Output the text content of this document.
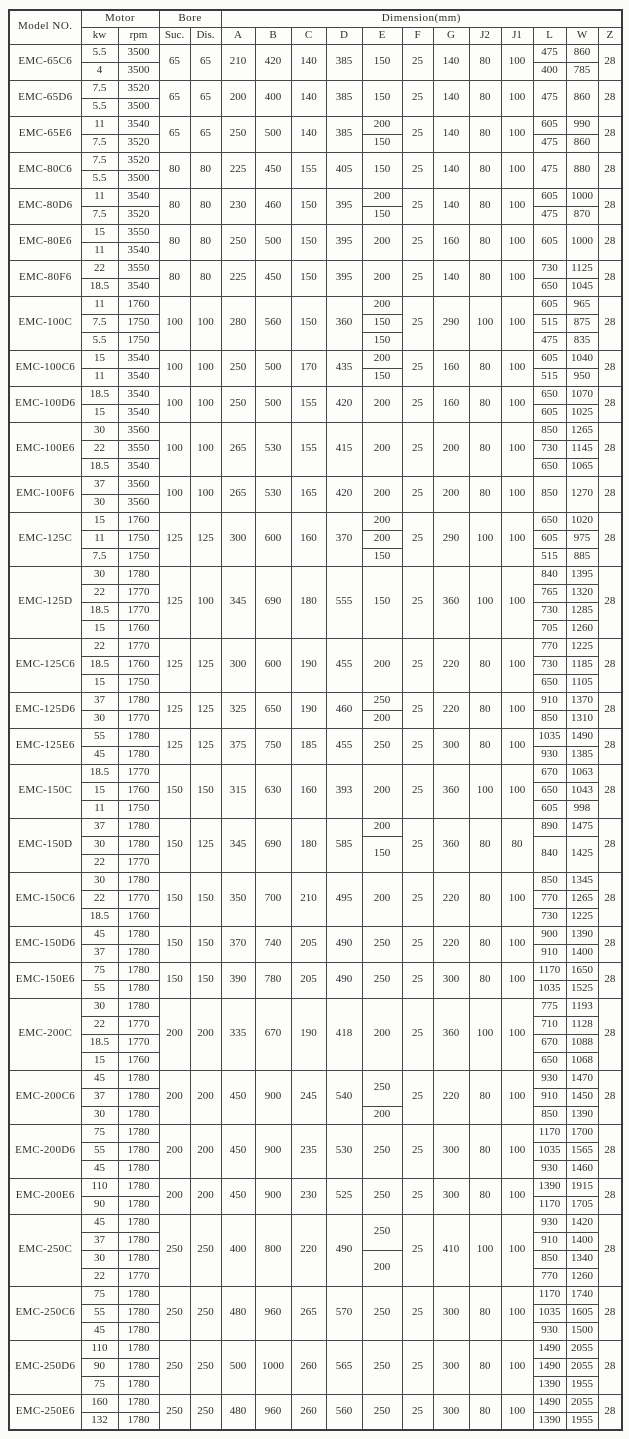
Model NO.	Motor		Bore		Dimension(mm)											
	kw	rpm	Suc.	Dis.	A	B	C	D	E	F	G	J2	J1	L	W	Z
EMC-65C6	5.5	3500	65	65	210	420	140	385	150	25	140	80	100	475	860	28
	4	3500												400	785	
EMC-65D6	7.5	3520	65	65	200	400	140	385	150	25	140	80	100	475	860	28
	5.5	3500														
EMC-65E6	11	3540	65	65	250	500	140	385	200	25	140	80	100	605	990	28
	7.5	3520							150					475	860	
EMC-80C6	7.5	3520	80	80	225	450	155	405	150	25	140	80	100	475	880	28
	5.5	3500														
EMC-80D6	11	3540	80	80	230	460	150	395	200	25	140	80	100	605	1000	28
	7.5	3520							150					475	870	
EMC-80E6	15	3550	80	80	250	500	150	395	200	25	160	80	100	605	1000	28
	11	3540														
EMC-80F6	22	3550	80	80	225	450	150	395	200	25	140	80	100	730	1125	28
	18.5	3540												650	1045	
EMC-100C	11	1760	100	100	280	560	150	360	200	25	290	100	100	605	965	28
	7.5	1750							150					515	875	
	5.5	1750							150					475	835	
EMC-100C6	15	3540	100	100	250	500	170	435	200	25	160	80	100	605	1040	28
	11	3540							150					515	950	
EMC-100D6	18.5	3540	100	100	250	500	155	420	200	25	160	80	100	650	1070	28
	15	3540												605	1025	
EMC-100E6	30	3560	100	100	265	530	155	415	200	25	200	80	100	850	1265	28
	22	3550												730	1145	
	18.5	3540												650	1065	
EMC-100F6	37	3560	100	100	265	530	165	420	200	25	200	80	100	850	1270	28
	30	3560														
EMC-125C	15	1760	125	125	300	600	160	370	200	25	290	100	100	650	1020	28
	11	1750							200					605	975	
	7.5	1750							150					515	885	
EMC-125D	30	1780	125	100	345	690	180	555	150	25	360	100	100	840	1395	28
	22	1770												765	1320	
	18.5	1770												730	1285	
	15	1760												705	1260	
EMC-125C6	22	1770	125	125	300	600	190	455	200	25	220	80	100	770	1225	28
	18.5	1760												730	1185	
	15	1750												650	1105	
EMC-125D6	37	1780	125	125	325	650	190	460	250	25	220	80	100	910	1370	28
	30	1770							200					850	1310	
EMC-125E6	55	1780	125	125	375	750	185	455	250	25	300	80	100	1035	1490	28
	45	1780												930	1385	
EMC-150C	18.5	1770	150	150	315	630	160	393	200	25	360	100	100	670	1063	28
	15	1760												650	1043	
	11	1750												605	998	
EMC-150D	37	1780	150	125	345	690	180	585	200	25	360	80	80	890	1475	28
	30	1780							150					840	1425	
	22	1770														
EMC-150C6	30	1780	150	150	350	700	210	495	200	25	220	80	100	850	1345	28
	22	1770												770	1265	
	18.5	1760												730	1225	
EMC-150D6	45	1780	150	150	370	740	205	490	250	25	220	80	100	900	1390	28
	37	1780												910	1400	
EMC-150E6	75	1780	150	150	390	780	205	490	250	25	300	80	100	1170	1650	28
	55	1780												1035	1525	
EMC-200C	30	1780	200	200	335	670	190	418	200	25	360	100	100	775	1193	28
	22	1770												710	1128	
	18.5	1770												670	1088	
	15	1760												650	1068	
EMC-200C6	45	1780	200	200	450	900	245	540	250	25	220	80	100	930	1470	28
	37	1780												910	1450	
	30	1780							200					850	1390	
EMC-200D6	75	1780	200	200	450	900	235	530	250	25	300	80	100	1170	1700	28
	55	1780												1035	1565	
	45	1780												930	1460	
EMC-200E6	110	1780	200	200	450	900	230	525	250	25	300	80	100	1390	1915	28
	90	1780												1170	1705	
EMC-250C	45	1780	250	250	400	800	220	490	250	25	410	100	100	930	1420	28
	37	1780												910	1400	
	30	1780							200					850	1340	
	22	1770												770	1260	
EMC-250C6	75	1780	250	250	480	960	265	570	250	25	300	80	100	1170	1740	28
	55	1780												1035	1605	
	45	1780												930	1500	
EMC-250D6	110	1780	250	250	500	1000	260	565	250	25	300	80	100	1490	2055	28
	90	1780												1490	2055	
	75	1780												1390	1955	
EMC-250E6	160	1780	250	250	480	960	260	560	250	25	300	80	100	1490	2055	28
	132	1780												1390	1955	
